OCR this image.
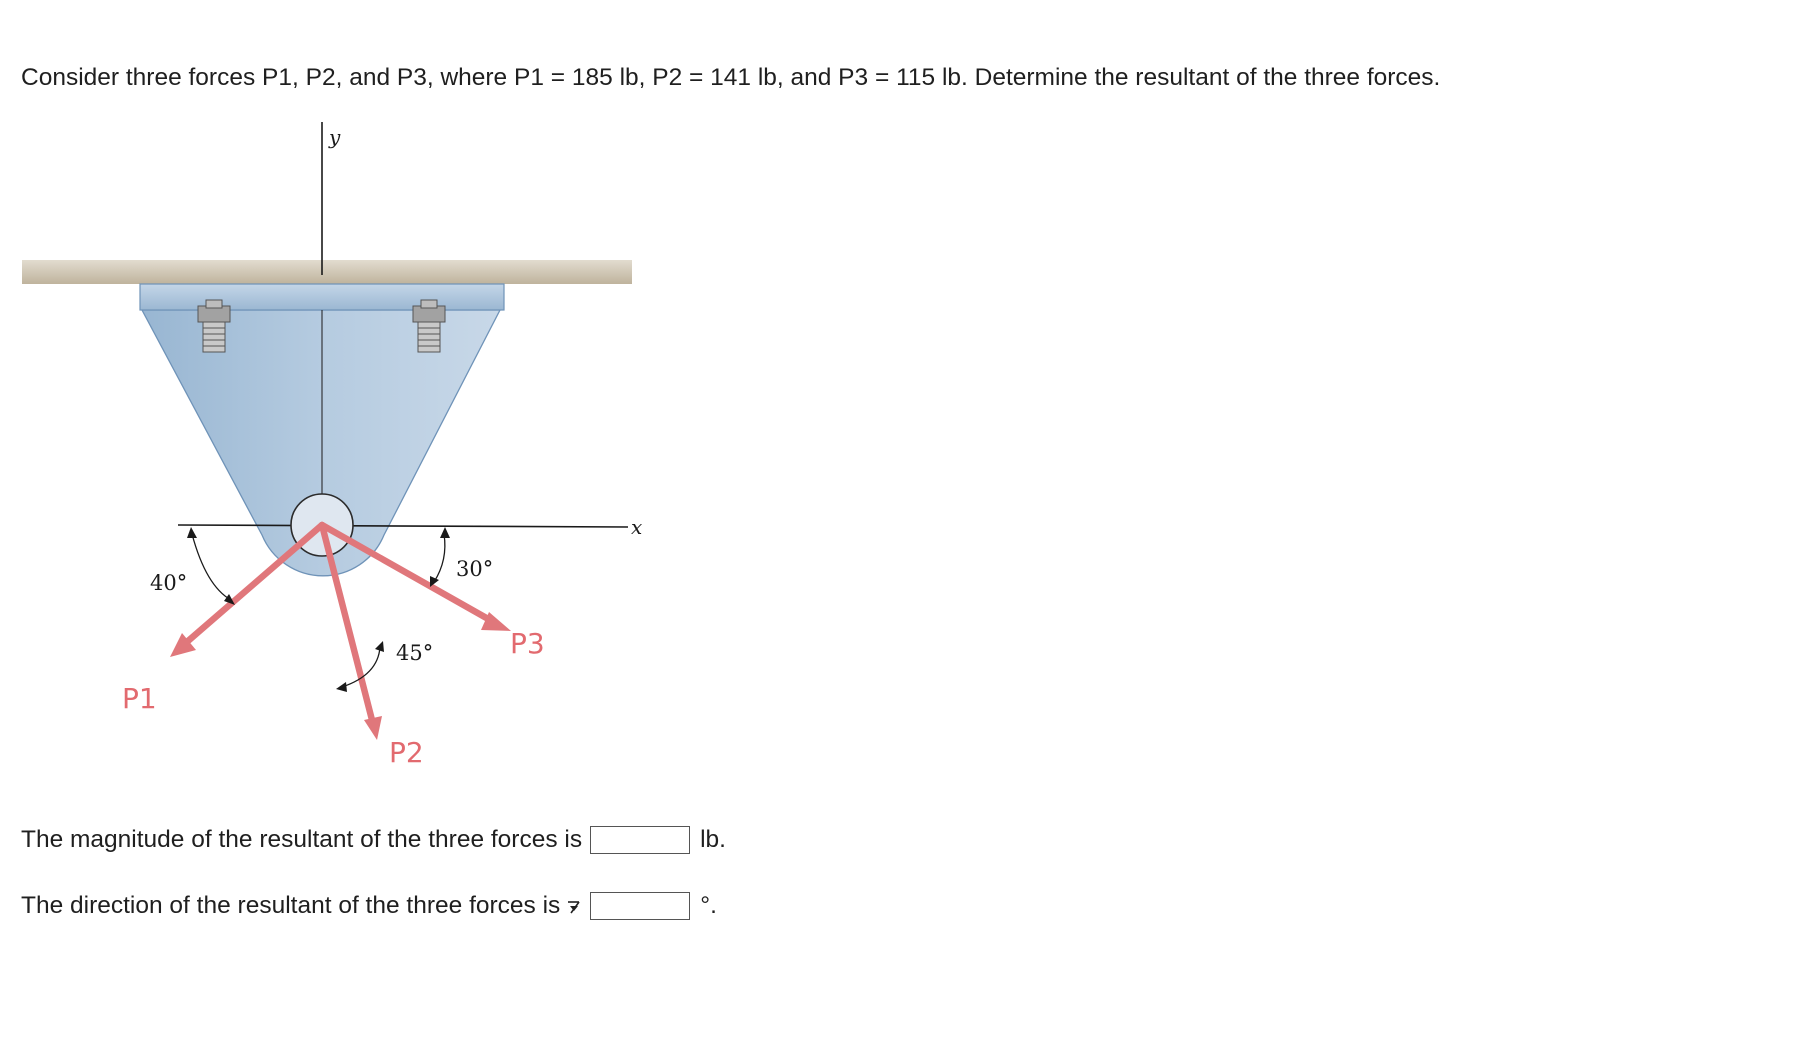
Consider three forces P1, P2, and P3, where P1 = 185 lb, P2 = 141 lb, and P3 = 115 lb. Determine the resultant of the three forces.

y
x
40°
30°
45°
P1
P2
P3
The magnitude of the resultant of the three forces is	lb.
The direction of the resultant of the three forces is	°.
